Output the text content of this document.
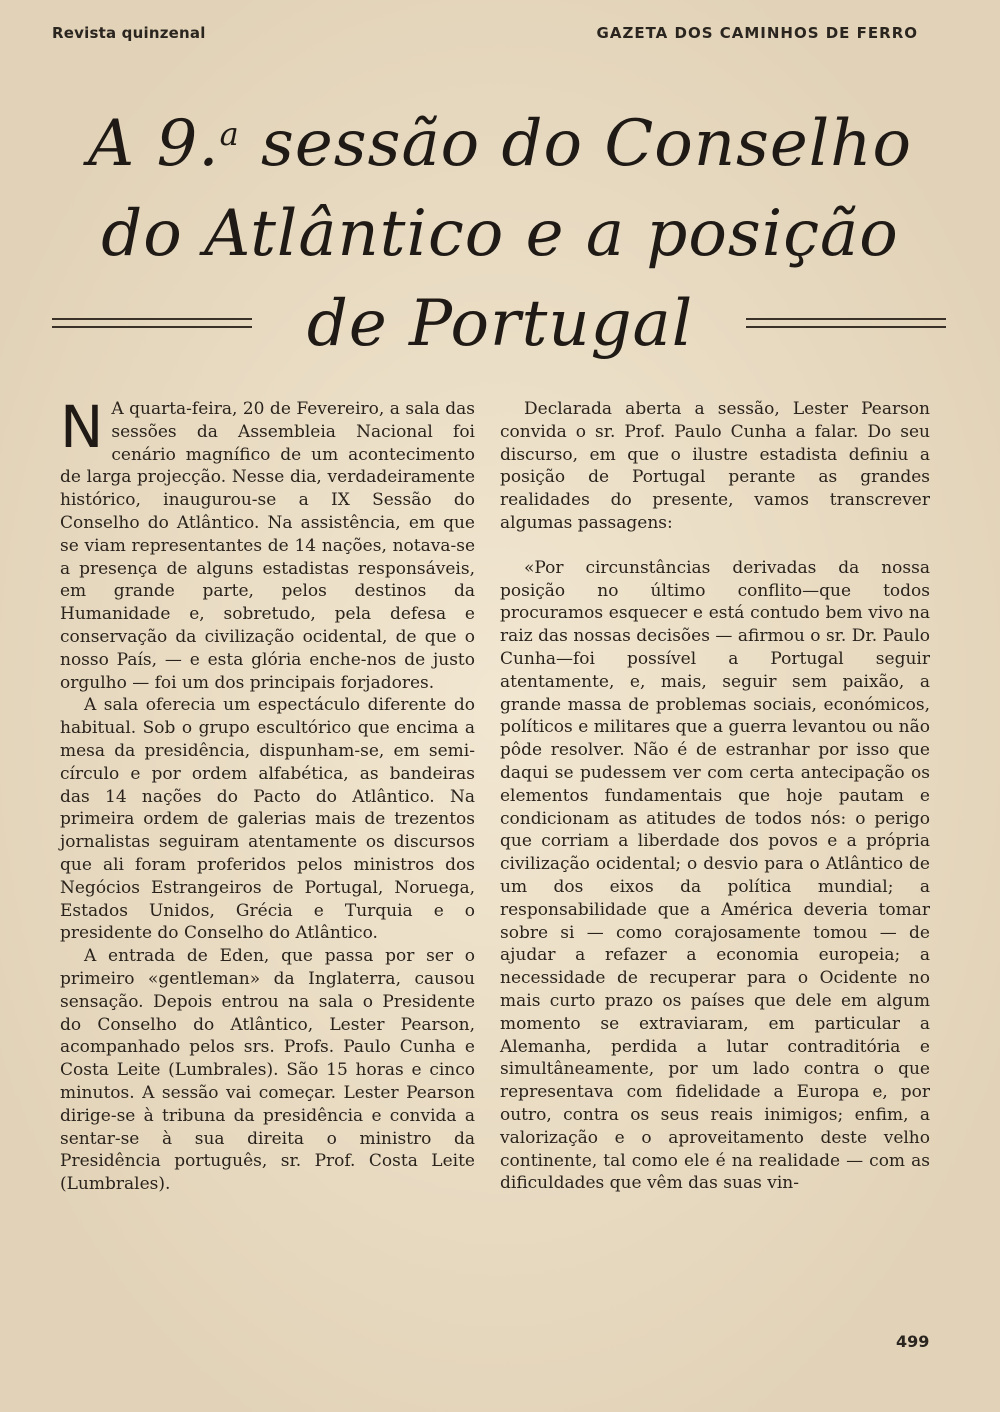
Revista quinzenal	GAZETA DOS CAMINHOS DE FERRO
A 9.$^a$ sessão do Conselho
do Atlântico e a posição
de Portugal

N A quarta-feira, 20 de Fevereiro, a sala das sessões da Assembleia Nacional foi cenário magnífico de um acontecimento de larga projecção. Nesse dia, verdadeiramente histórico, inaugurou-se a IX Sessão do Conselho do Atlântico. Na assistência, em que se viam representantes de 14 nações, notava-se a presença de alguns estadistas responsáveis, em grande parte, pelos destinos da Humanidade e, sobretudo, pela defesa e conservação da civilização ocidental, de que o nosso País, — e esta glória enche-nos de justo orgulho — foi um dos principais forjadores.

A sala oferecia um espectáculo diferente do habitual. Sob o grupo escultórico que encima a mesa da presidência, dispunham-se, em semi-círculo e por ordem alfabética, as bandeiras das 14 nações do Pacto do Atlântico. Na primeira ordem de galerias mais de trezentos jornalistas seguiram atentamente os discursos que ali foram proferidos pelos ministros dos Negócios Estrangeiros de Portugal, Noruega, Estados Unidos, Grécia e Turquia e o presidente do Conselho do Atlântico.

A entrada de Eden, que passa por ser o primeiro «gentleman» da Inglaterra, causou sensação. Depois entrou na sala o Presidente do Conselho do Atlântico, Lester Pearson, acompanhado pelos srs. Profs. Paulo Cunha e Costa Leite (Lumbrales). São 15 horas e cinco minutos. A sessão vai começar. Lester Pearson dirige-se à tribuna da presidência e convida a sentar-se à sua direita o ministro da Presidência português, sr. Prof. Costa Leite (Lumbrales).

Declarada aberta a sessão, Lester Pearson convida o sr. Prof. Paulo Cunha a falar. Do seu discurso, em que o ilustre estadista definiu a posição de Portugal perante as grandes realidades do presente, vamos transcrever algumas passagens:

«Por circunstâncias derivadas da nossa posição no último conflito—que todos procuramos esquecer e está contudo bem vivo na raiz das nossas decisões — afirmou o sr. Dr. Paulo Cunha—foi possível a Portugal seguir atentamente, e, mais, seguir sem paixão, a grande massa de problemas sociais, económicos, políticos e militares que a guerra levantou ou não pôde resolver. Não é de estranhar por isso que daqui se pudessem ver com certa antecipação os elementos fundamentais que hoje pautam e condicionam as atitudes de todos nós: o perigo que corriam a liberdade dos povos e a própria civilização ocidental; o desvio para o Atlântico de um dos eixos da política mundial; a responsabilidade que a América deveria tomar sobre si — como corajosamente tomou — de ajudar a refazer a economia europeia; a necessidade de recuperar para o Ocidente no mais curto prazo os países que dele em algum momento se extraviaram, em particular a Alemanha, perdida a lutar contraditória e simultâneamente, por um lado contra o que representava com fidelidade a Europa e, por outro, contra os seus reais inimigos; enfim, a valorização e o aproveitamento deste velho continente, tal como ele é na realidade — com as dificuldades que vêm das suas vin-

499
